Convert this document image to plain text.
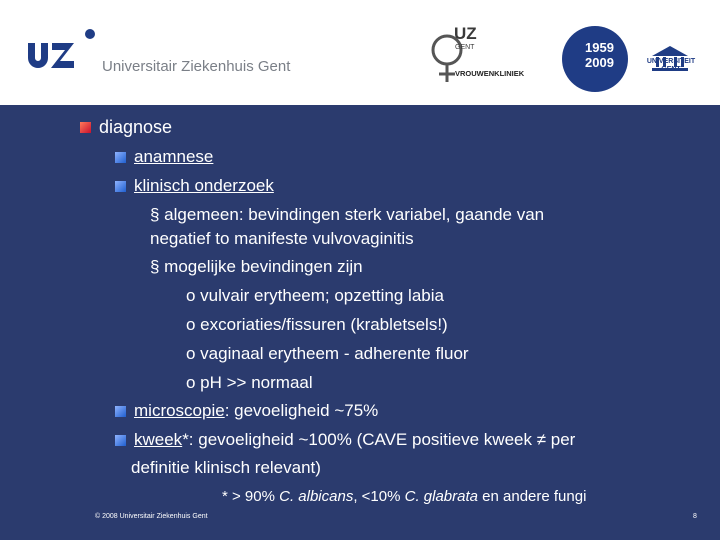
Universitair Ziekenhuis Gent
UZ
GENT
VROUWENKLINIEK
1959
2009	UNIVERSITEIT GENT
diagnose
anamnese
klinisch onderzoek
§ algemeen: bevindingen sterk variabel, gaande van
negatief to manifeste vulvovaginitis
§ mogelijke bevindingen zijn
o vulvair erytheem; opzetting labia
o excoriaties/fissuren (krabletsels!)
o vaginaal erytheem - adherente fluor
o pH >> normaal
microscopie: gevoeligheid ~75%
kweek*: gevoeligheid ~100% (CAVE positieve kweek ≠ per
definitie klinisch relevant)
* > 90% C. albicans, <10% C. glabrata en andere fungi
© 2008 Universitair Ziekenhuis Gent	8
